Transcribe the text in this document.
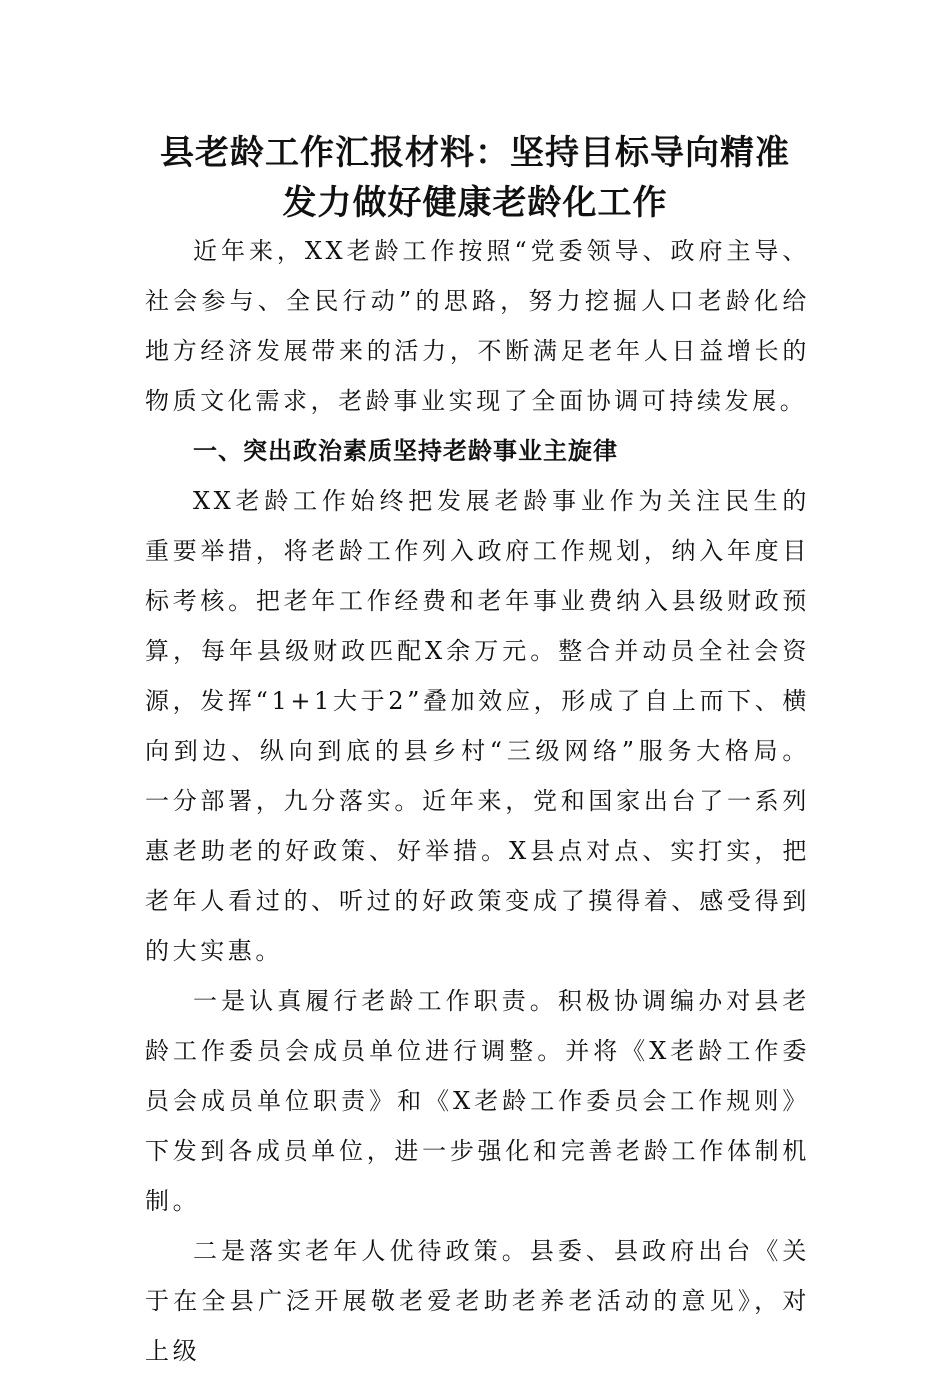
县老龄工作汇报材料：坚持目标导向精准
发力做好健康老龄化工作

近年来，XX老龄工作按照“党委领导、政府主导、社会参与、全民行动”的思路，努力挖掘人口老龄化给地方经济发展带来的活力，不断满足老年人日益增长的物质文化需求，老龄事业实现了全面协调可持续发展。

一、突出政治素质坚持老龄事业主旋律

XX老龄工作始终把发展老龄事业作为关注民生的重要举措，将老龄工作列入政府工作规划，纳入年度目标考核。把老年工作经费和老年事业费纳入县级财政预算，每年县级财政匹配X余万元。整合并动员全社会资源，发挥“1+1大于2”叠加效应，形成了自上而下、横向到边、纵向到底的县乡村“三级网络”服务大格局。一分部署，九分落实。近年来，党和国家出台了一系列惠老助老的好政策、好举措。X县点对点、实打实，把老年人看过的、听过的好政策变成了摸得着、感受得到的大实惠。

一是认真履行老龄工作职责。积极协调编办对县老龄工作委员会成员单位进行调整。并将《X老龄工作委员会成员单位职责》和《X老龄工作委员会工作规则》下发到各成员单位，进一步强化和完善老龄工作体制机制。

二是落实老年人优待政策。县委、县政府出台《关于在全县广泛开展敬老爱老助老养老活动的意见》，对上级
